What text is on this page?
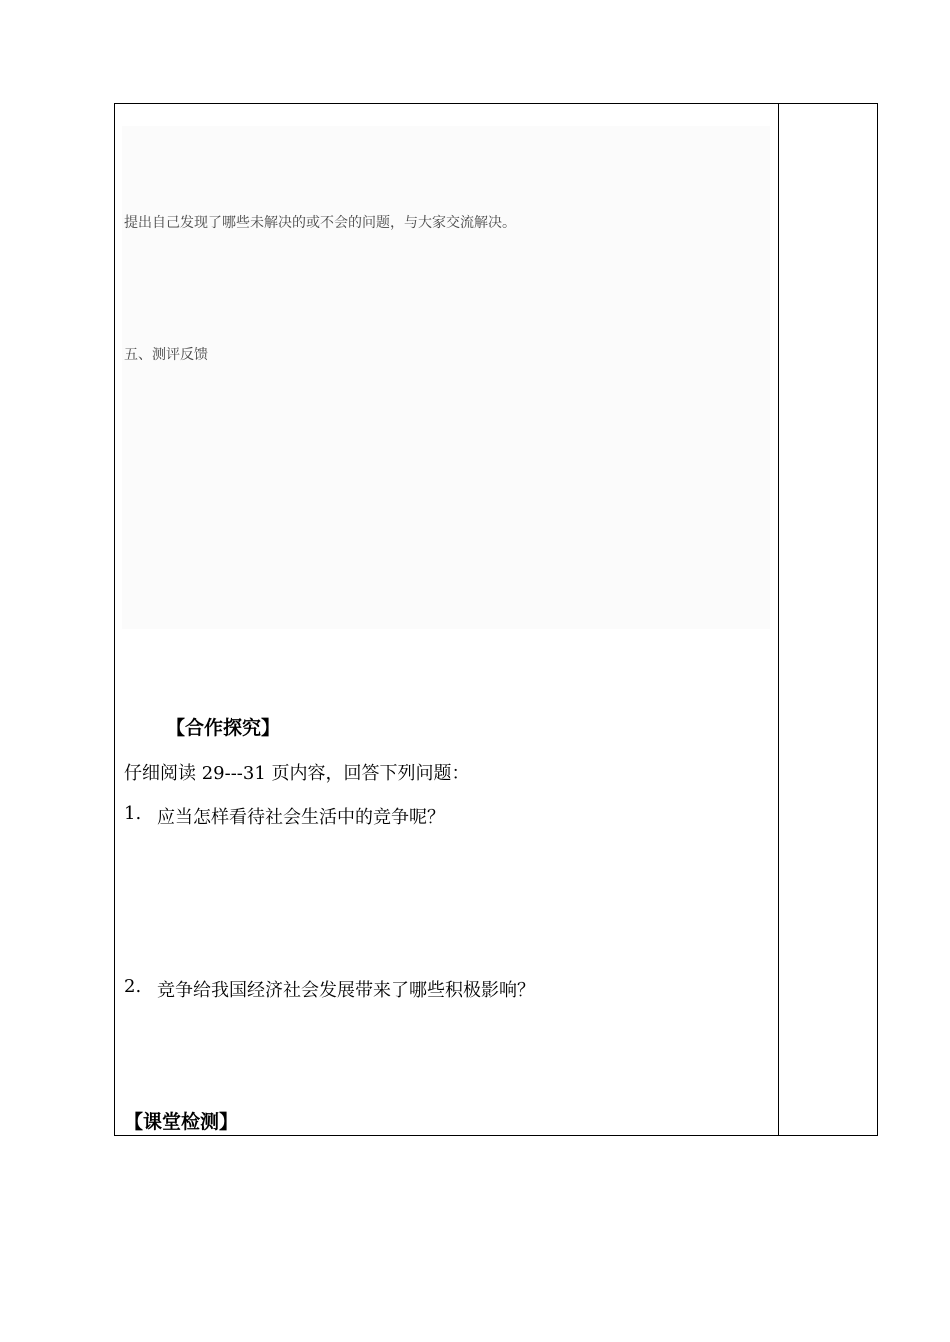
提出自己发现了哪些未解决的或不会的问题，与大家交流解决。
五、测评反馈
【合作探究】
仔细阅读 29---31 页内容，回答下列问题：
1. 应当怎样看待社会生活中的竞争呢？
2. 竞争给我国经济社会发展带来了哪些积极影响？
【课堂检测】
